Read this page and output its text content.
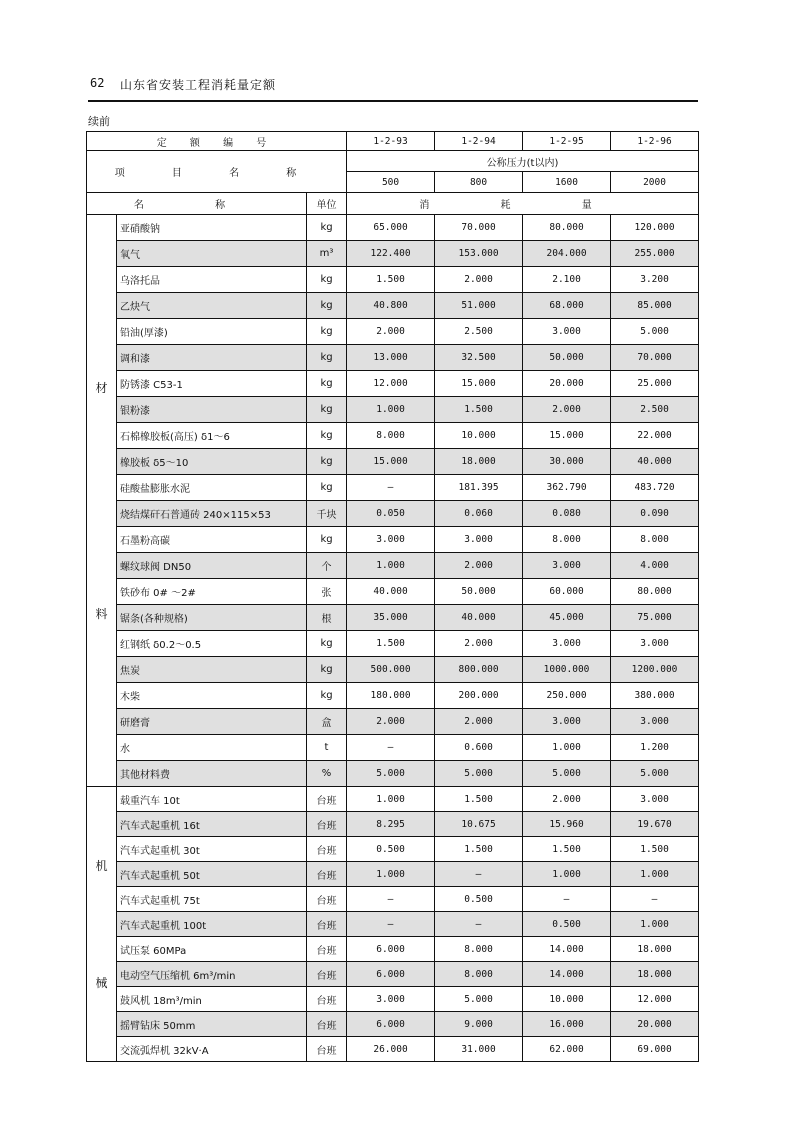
62 山东省安装工程消耗量定额
续前
定 额 编 号			1-2-93	1-2-94	1-2-95	1-2-96
项 目 名 称			公称压力(t以内)			
			500	800	1600	2000
名 称		单位	消 耗 量			

材
料	亚硝酸钠	kg	65.000	70.000	80.000	120.000
	氧气	m³	122.400	153.000	204.000	255.000
	乌洛托品	kg	1.500	2.000	2.100	3.200
	乙炔气	kg	40.800	51.000	68.000	85.000
	铅油(厚漆)	kg	2.000	2.500	3.000	5.000
	调和漆	kg	13.000	32.500	50.000	70.000
	防锈漆 C53-1	kg	12.000	15.000	20.000	25.000
	银粉漆	kg	1.000	1.500	2.000	2.500
	石棉橡胶板(高压) δ1～6	kg	8.000	10.000	15.000	22.000
	橡胶板 δ5～10	kg	15.000	18.000	30.000	40.000
	硅酸盐膨胀水泥	kg	—	181.395	362.790	483.720
	烧结煤矸石普通砖 240×115×53	千块	0.050	0.060	0.080	0.090
	石墨粉高碳	kg	3.000	3.000	8.000	8.000
	螺纹球阀 DN50	个	1.000	2.000	3.000	4.000
	铁砂布 0# ～2#	张	40.000	50.000	60.000	80.000
	锯条(各种规格)	根	35.000	40.000	45.000	75.000
	红钢纸 δ0.2～0.5	kg	1.500	2.000	3.000	3.000
	焦炭	kg	500.000	800.000	1000.000	1200.000
	木柴	kg	180.000	200.000	250.000	380.000
	研磨膏	盒	2.000	2.000	3.000	3.000
	水	t	—	0.600	1.000	1.200
	其他材料费	%	5.000	5.000	5.000	5.000

机
械	载重汽车 10t	台班	1.000	1.500	2.000	3.000
	汽车式起重机 16t	台班	8.295	10.675	15.960	19.670
	汽车式起重机 30t	台班	0.500	1.500	1.500	1.500
	汽车式起重机 50t	台班	1.000	—	1.000	1.000
	汽车式起重机 75t	台班	—	0.500	—	—
	汽车式起重机 100t	台班	—	—	0.500	1.000
	试压泵 60MPa	台班	6.000	8.000	14.000	18.000
	电动空气压缩机 6m³/min	台班	6.000	8.000	14.000	18.000
	鼓风机 18m³/min	台班	3.000	5.000	10.000	12.000
	摇臂钻床 50mm	台班	6.000	9.000	16.000	20.000
	交流弧焊机 32kV·A	台班	26.000	31.000	62.000	69.000
